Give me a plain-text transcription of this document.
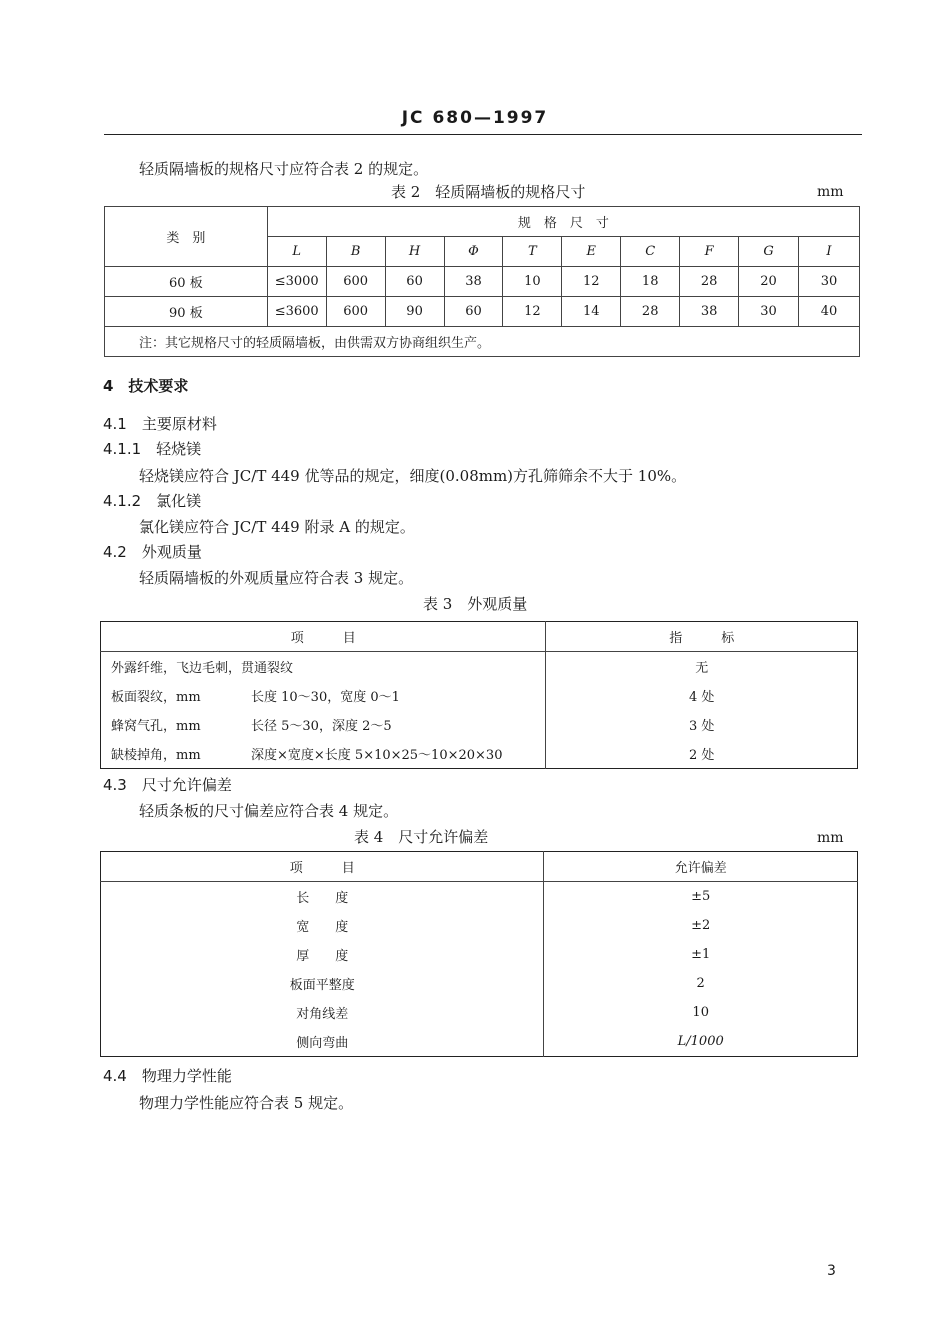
JC 680—1997
轻质隔墙板的规格尺寸应符合表 2 的规定。
表 2　轻质隔墙板的规格尺寸	mm
类　别	规　格　尺　寸									
	L	B	H	Φ	T	E	C	F	G	I
60 板	≤3000	600	60	38	10	12	18	28	20	30
90 板	≤3600	600	90	60	12	14	28	38	30	40
注：其它规格尺寸的轻质隔墙板，由供需双方协商组织生产。										
4　技术要求
4.1　主要原材料
4.1.1　轻烧镁
轻烧镁应符合 JC/T 449 优等品的规定，细度(0.08mm)方孔筛筛余不大于 10%。
4.1.2　氯化镁
氯化镁应符合 JC/T 449 附录 A 的规定。
4.2　外观质量
轻质隔墙板的外观质量应符合表 3 规定。
表 3　外观质量
项　　　目	指　　　标
外露纤维，飞边毛刺，贯通裂纹	无
板面裂纹，mm 长度 10～30，宽度 0～1	4 处
蜂窝气孔，mm 长径 5～30，深度 2～5	3 处
缺棱掉角，mm 深度×宽度×长度 5×10×25～10×20×30	2 处
4.3　尺寸允许偏差
轻质条板的尺寸偏差应符合表 4 规定。
表 4　尺寸允许偏差	mm
项　　　目	允许偏差
长　　度	±5
宽　　度	±2
厚　　度	±1
板面平整度	2
对角线差	10
侧向弯曲	L/1000
4.4　物理力学性能
物理力学性能应符合表 5 规定。
3
